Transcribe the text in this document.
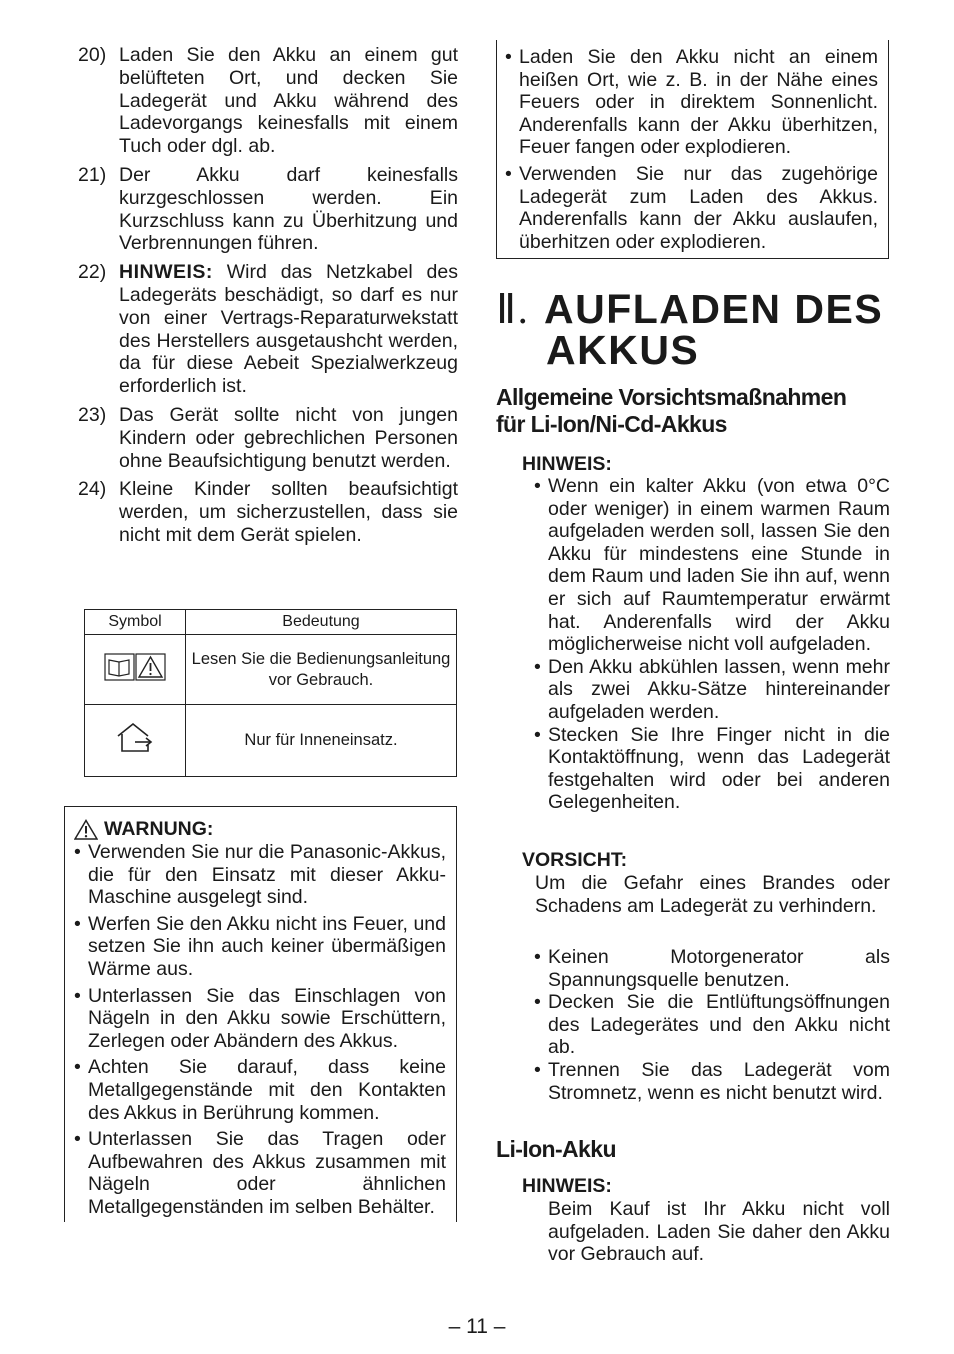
20) Laden Sie den Akku an einem gut belüfteten Ort, und decken Sie Ladegerät und Akku während des Ladevorgangs keinesfalls mit einem Tuch oder dgl. ab.
21) Der Akku darf keinesfalls kurzgeschlossen werden. Ein Kurzschluss kann zu Überhitzung und Verbrennungen führen.
22) HINWEIS: Wird das Netzkabel des Ladegeräts beschädigt, so darf es nur von einer Vertrags-Reparaturwekstatt des Herstellers ausgetaushcht werden, da für diese Aebeit Spezialwerkzeug erforderlich ist.
23) Das Gerät sollte nicht von jungen Kindern oder gebrechlichen Personen ohne Beaufsichtigung benutzt werden.
24) Kleine Kinder sollten beaufsichtigt werden, um sicherzustellen, dass sie nicht mit dem Gerät spielen.
Symbol	Bedeutung
	Lesen Sie die Bedienungsanleitung vor Gebrauch.
	Nur für Inneneinsatz.
WARNUNG:
• Verwenden Sie nur die Panasonic-Akkus, die für den Einsatz mit dieser Akku-Maschine ausgelegt sind.
• Werfen Sie den Akku nicht ins Feuer, und setzen Sie ihn auch keiner übermäßigen Wärme aus.
• Unterlassen Sie das Einschlagen von Nägeln in den Akku sowie Erschüttern, Zerlegen oder Abändern des Akkus.
• Achten Sie darauf, dass keine Metallgegenstände mit den Kontakten des Akkus in Berührung kommen.
• Unterlassen Sie das Tragen oder Aufbewahren des Akkus zusammen mit Nägeln oder ähnlichen Metallgegenständen im selben Behälter.
• Laden Sie den Akku nicht an einem heißen Ort, wie z. B. in der Nähe eines Feuers oder in direktem Sonnenlicht. Anderenfalls kann der Akku überhitzen, Feuer fangen oder explodieren.
• Verwenden Sie nur das zugehörige Ladegerät zum Laden des Akkus. Anderenfalls kann der Akku auslaufen, überhitzen oder explodieren.
Ⅱ. AUFLADEN DES
AKKUS
Allgemeine Vorsichtsmaßnahmen
für Li-Ion/Ni-Cd-Akkus
HINWEIS:
• Wenn ein kalter Akku (von etwa 0°C oder weniger) in einem warmen Raum aufgeladen werden soll, lassen Sie den Akku für mindestens eine Stunde in dem Raum und laden Sie ihn auf, wenn er sich auf Raumtemperatur erwärmt hat. Anderenfalls wird der Akku möglicherweise nicht voll aufgeladen.
• Den Akku abkühlen lassen, wenn mehr als zwei Akku-Sätze hintereinander aufgeladen werden.
• Stecken Sie Ihre Finger nicht in die Kontaktöffnung, wenn das Ladegerät festgehalten wird oder bei anderen Gelegenheiten.
VORSICHT:
Um die Gefahr eines Brandes oder Schadens am Ladegerät zu verhindern.
• Keinen Motorgenerator als Spannungsquelle benutzen.
• Decken Sie die Entlüftungsöffnungen des Ladegerätes und den Akku nicht ab.
• Trennen Sie das Ladegerät vom Stromnetz, wenn es nicht benutzt wird.
Li-Ion-Akku
HINWEIS:
Beim Kauf ist Ihr Akku nicht voll aufgeladen. Laden Sie daher den Akku vor Gebrauch auf.
– 11 –
